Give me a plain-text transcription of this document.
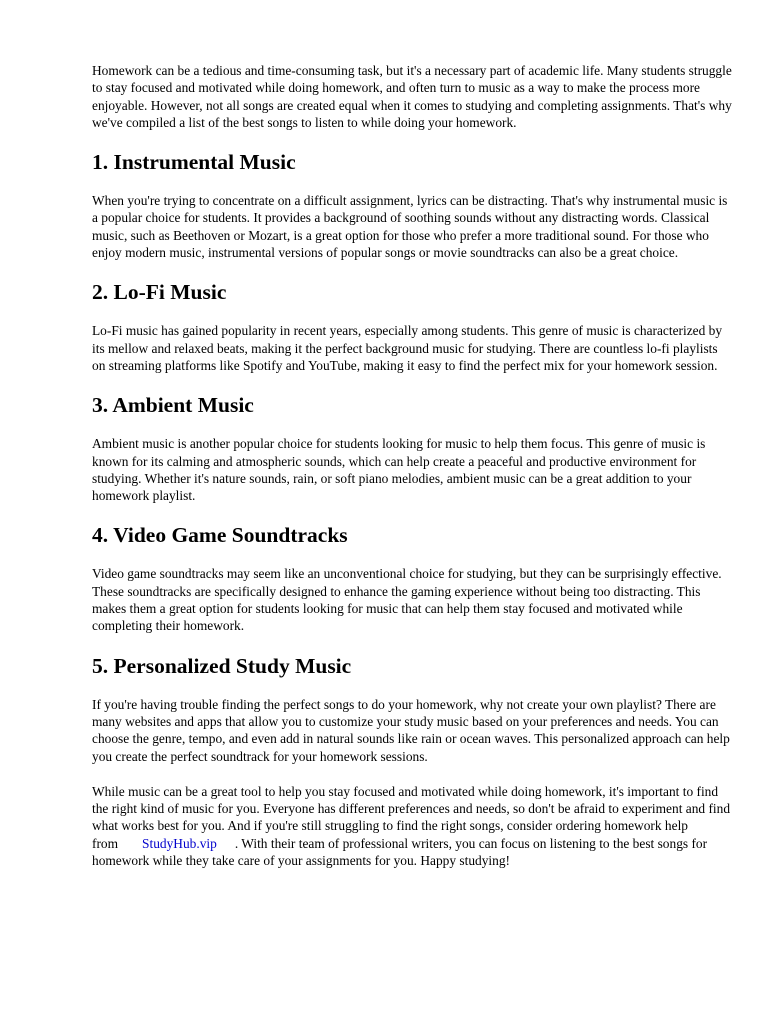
Homework can be a tedious and time-consuming task, but it's a necessary part of academic life. Many students struggle to stay focused and motivated while doing homework, and often turn to music as a way to make the process more enjoyable. However, not all songs are created equal when it comes to studying and completing assignments. That's why we've compiled a list of the best songs to listen to while doing your homework.

1. Instrumental Music

When you're trying to concentrate on a difficult assignment, lyrics can be distracting. That's why instrumental music is a popular choice for students. It provides a background of soothing sounds without any distracting words. Classical music, such as Beethoven or Mozart, is a great option for those who prefer a more traditional sound. For those who enjoy modern music, instrumental versions of popular songs or movie soundtracks can also be a great choice.

2. Lo-Fi Music

Lo-Fi music has gained popularity in recent years, especially among students. This genre of music is characterized by its mellow and relaxed beats, making it the perfect background music for studying. There are countless lo-fi playlists on streaming platforms like Spotify and YouTube, making it easy to find the perfect mix for your homework session.

3. Ambient Music

Ambient music is another popular choice for students looking for music to help them focus. This genre of music is known for its calming and atmospheric sounds, which can help create a peaceful and productive environment for studying. Whether it's nature sounds, rain, or soft piano melodies, ambient music can be a great addition to your homework playlist.

4. Video Game Soundtracks

Video game soundtracks may seem like an unconventional choice for studying, but they can be surprisingly effective. These soundtracks are specifically designed to enhance the gaming experience without being too distracting. This makes them a great option for students looking for music that can help them stay focused and motivated while completing their homework.

5. Personalized Study Music

If you're having trouble finding the perfect songs to do your homework, why not create your own playlist? There are many websites and apps that allow you to customize your study music based on your preferences and needs. You can choose the genre, tempo, and even add in natural sounds like rain or ocean waves. This personalized approach can help you create the perfect soundtrack for your homework sessions.

While music can be a great tool to help you stay focused and motivated while doing homework, it's important to find the right kind of music for you. Everyone has different preferences and needs, so don't be afraid to experiment and find what works best for you. And if you're still struggling to find the right songs, consider ordering homework help from StudyHub.vip . With their team of professional writers, you can focus on listening to the best songs for homework while they take care of your assignments for you. Happy studying!
